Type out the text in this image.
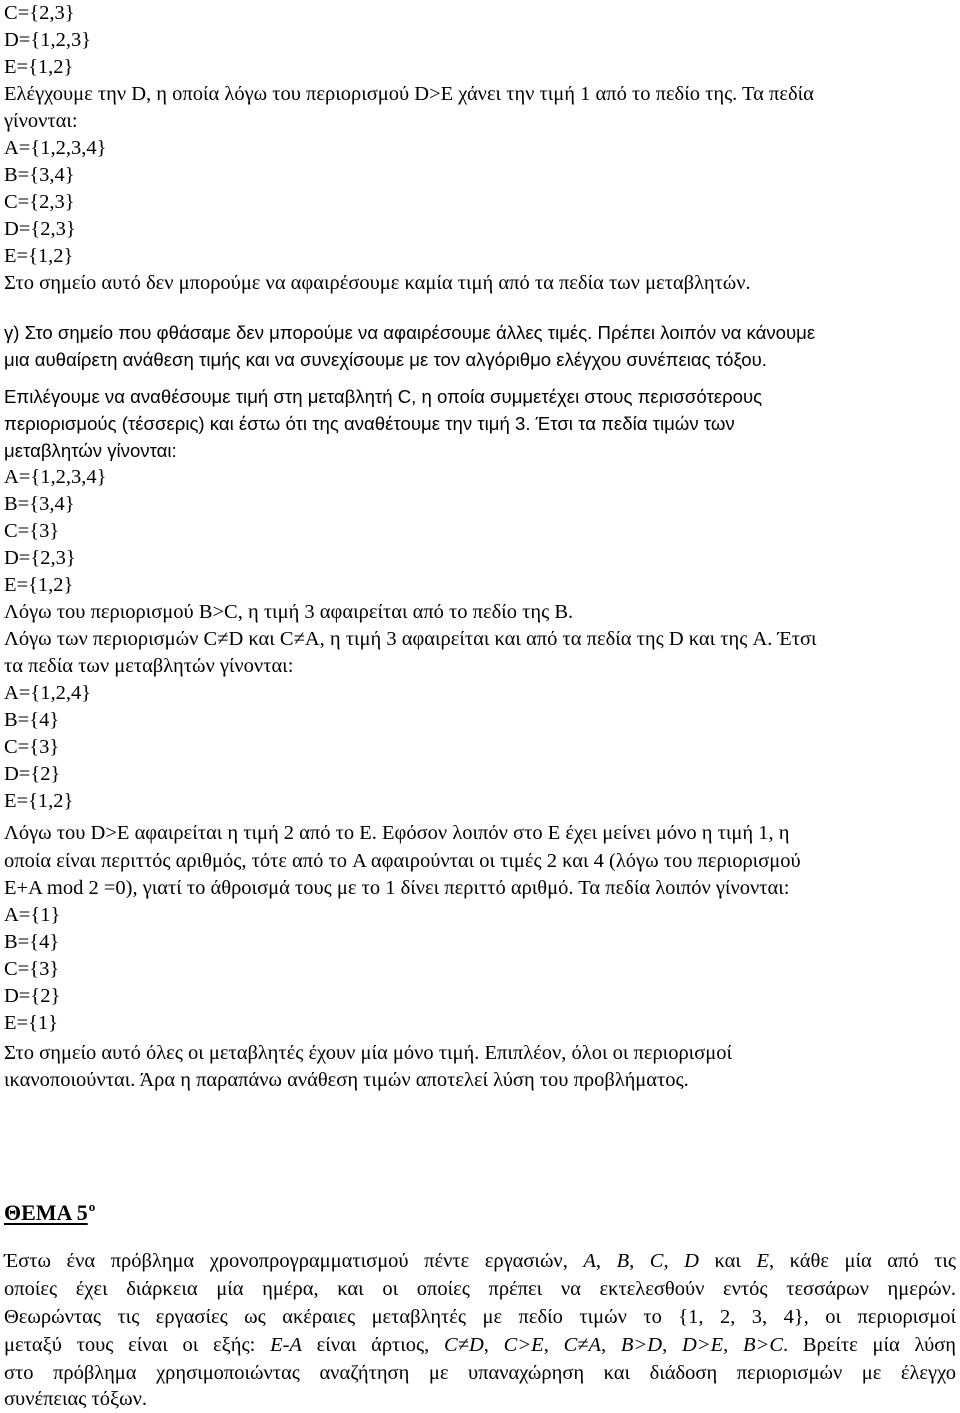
C={2,3}
D={1,2,3}
E={1,2}
Ελέγχουμε την D, η οποία λόγω του περιορισμού D>E χάνει την τιμή 1 από το πεδίο της. Τα πεδία
γίνονται:
A={1,2,3,4}
B={3,4}
C={2,3}
D={2,3}
E={1,2}
Στο σημείο αυτό δεν μπορούμε να αφαιρέσουμε καμία τιμή από τα πεδία των μεταβλητών.
γ) Στο σημείο που φθάσαμε δεν μπορούμε να αφαιρέσουμε άλλες τιμές. Πρέπει λοιπόν να κάνουμε
μια αυθαίρετη ανάθεση τιμής και να συνεχίσουμε με τον αλγόριθμο ελέγχου συνέπειας τόξου.
Επιλέγουμε να αναθέσουμε τιμή στη μεταβλητή C, η οποία συμμετέχει στους περισσότερους
περιορισμούς (τέσσερις) και έστω ότι της αναθέτουμε την τιμή 3. Έτσι τα πεδία τιμών των
μεταβλητών γίνονται:
A={1,2,3,4}
B={3,4}
C={3}
D={2,3}
E={1,2}
Λόγω του περιορισμού B>C, η τιμή 3 αφαιρείται από το πεδίο της B.
Λόγω των περιορισμών C≠D και C≠A, η τιμή 3 αφαιρείται και από τα πεδία της D και της A. Έτσι
τα πεδία των μεταβλητών γίνονται:
A={1,2,4}
B={4}
C={3}
D={2}
E={1,2}
Λόγω του D>E αφαιρείται η τιμή 2 από το E. Εφόσον λοιπόν στο E έχει μείνει μόνο η τιμή 1, η
οποία είναι περιττός αριθμός, τότε από το A αφαιρούνται οι τιμές 2 και 4 (λόγω του περιορισμού
E+A mod 2 =0), γιατί το άθροισμά τους με το 1 δίνει περιττό αριθμό. Τα πεδία λοιπόν γίνονται:
A={1}
B={4}
C={3}
D={2}
E={1}
Στο σημείο αυτό όλες οι μεταβλητές έχουν μία μόνο τιμή. Επιπλέον, όλοι οι περιορισμοί
ικανοποιούνται. Άρα η παραπάνω ανάθεση τιμών αποτελεί λύση του προβλήματος.
ΘΕΜΑ $5^o$
Έστω ένα πρόβλημα χρονοπρογραμματισμού πέντε εργασιών, A, B, C, D και E, κάθε μία από τις
οποίες έχει διάρκεια μία ημέρα, και οι οποίες πρέπει να εκτελεσθούν εντός τεσσάρων ημερών.
Θεωρώντας τις εργασίες ως ακέραιες μεταβλητές με πεδίο τιμών το {1, 2, 3, 4}, οι περιορισμοί
μεταξύ τους είναι οι εξής: E-A είναι άρτιος, C≠D, C>E, C≠A, B>D, D>E, B>C. Βρείτε μία λύση
στο πρόβλημα χρησιμοποιώντας αναζήτηση με υπαναχώρηση και διάδοση περιορισμών με έλεγχο
συνέπειας τόξων.
